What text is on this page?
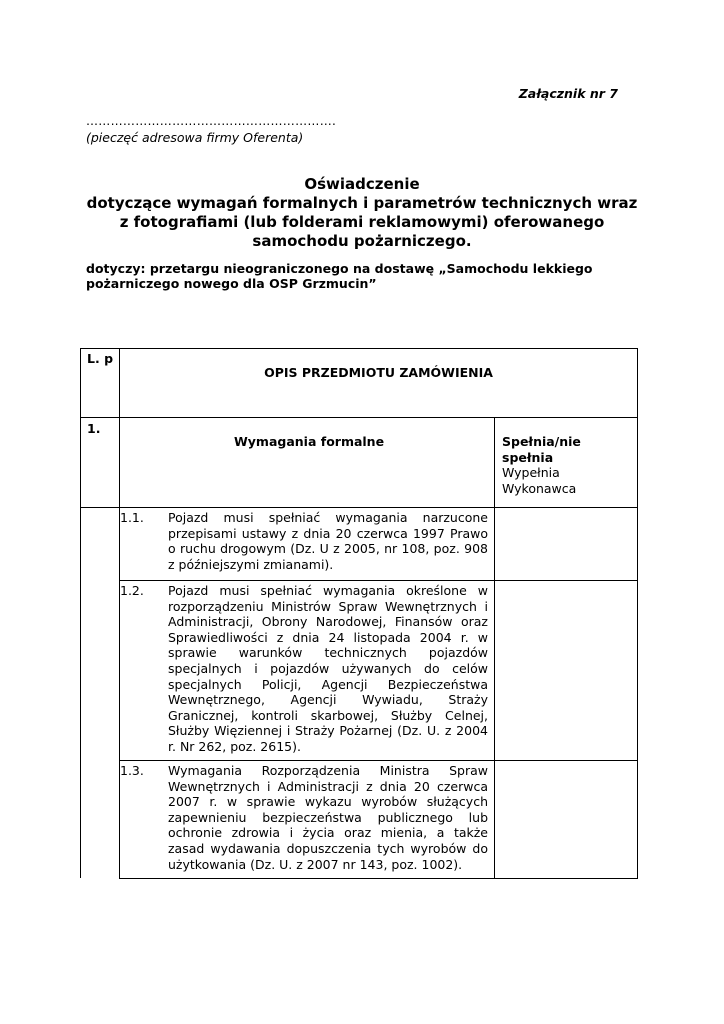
Załącznik nr 7
…………………………………………………….
(pieczęć adresowa firmy Oferenta)
Oświadczenie
dotyczące wymagań formalnych i parametrów technicznych wraz
z fotografiami (lub folderami reklamowymi) oferowanego
samochodu pożarniczego.
dotyczy: przetargu nieograniczonego na dostawę „Samochodu lekkiego
pożarniczego nowego dla OSP Grzmucin”
L. p
OPIS PRZEDMIOTU ZAMÓWIENIA
1.
Wymagania formalne	Spełnia/nie
spełnia
Wypełnia
Wykonawca
1.1. Pojazd musi spełniać wymagania narzucone przepisami ustawy z dnia 20 czerwca 1997 Prawo o ruchu drogowym (Dz. U z 2005, nr 108, poz. 908 z późniejszymi zmianami).
1.2. Pojazd musi spełniać wymagania określone w rozporządzeniu Ministrów Spraw Wewnętrznych i Administracji, Obrony Narodowej, Finansów oraz Sprawiedliwości z dnia 24 listopada 2004 r. w sprawie warunków technicznych pojazdów specjalnych i pojazdów używanych do celów specjalnych Policji, Agencji Bezpieczeństwa Wewnętrznego, Agencji Wywiadu, Straży Granicznej, kontroli skarbowej, Służby Celnej, Służby Więziennej i Straży Pożarnej (Dz. U. z 2004 r. Nr 262, poz. 2615).
1.3. Wymagania Rozporządzenia Ministra Spraw Wewnętrznych i Administracji z dnia 20 czerwca 2007 r. w sprawie wykazu wyrobów służących zapewnieniu bezpieczeństwa publicznego lub ochronie zdrowia i życia oraz mienia, a także zasad wydawania dopuszczenia tych wyrobów do użytkowania (Dz. U. z 2007 nr 143, poz. 1002).
